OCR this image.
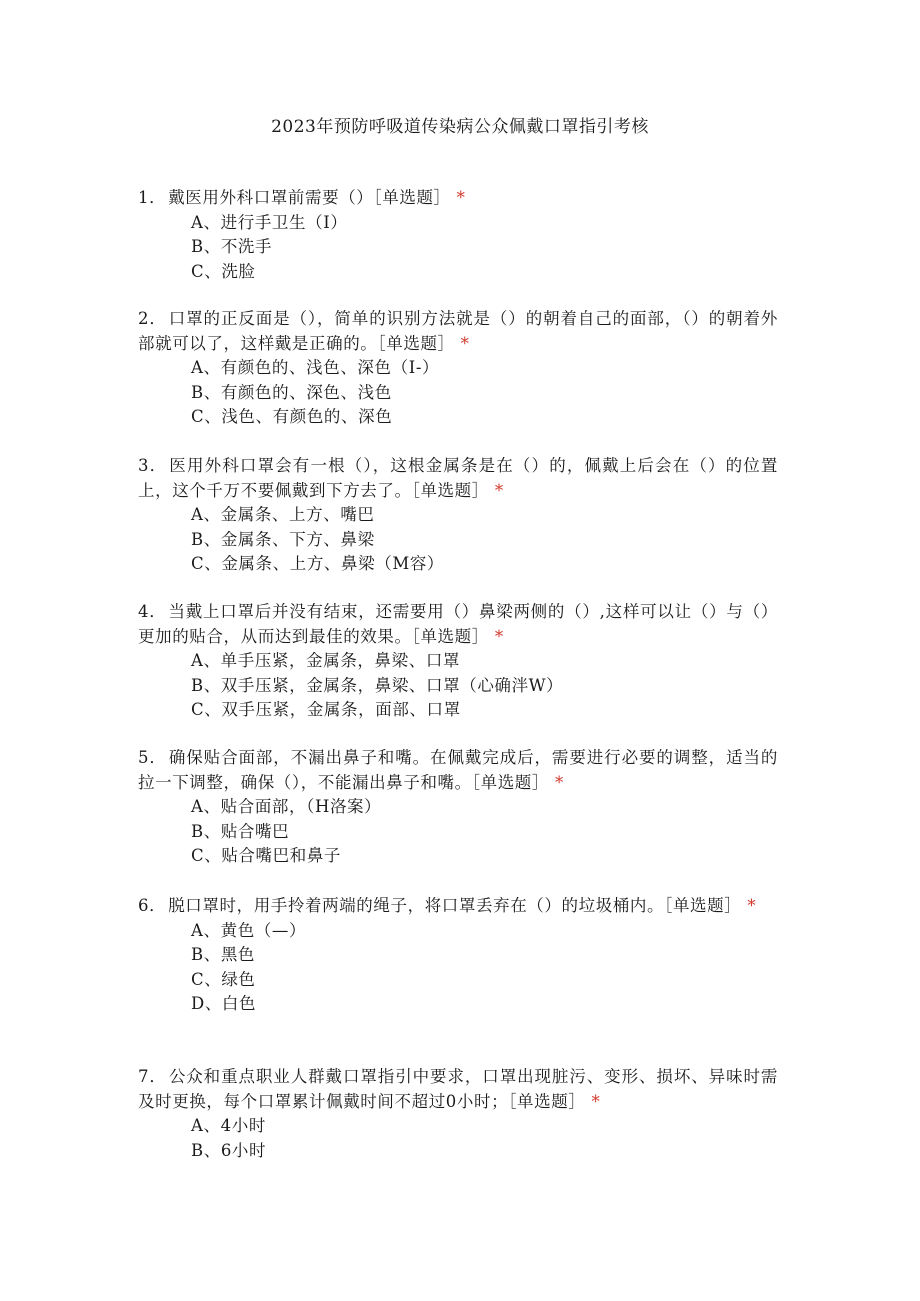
2023年预防呼吸道传染病公众佩戴口罩指引考核

1． 戴医用外科口罩前需要（）［单选题］ *

A、进行手卫生（I）
B、不洗手
C、洗脸

2． 口罩的正反面是（），简单的识别方法就是（）的朝着自己的面部，（）的朝着外部就可以了，这样戴是正确的。［单选题］ *

A、有颜色的、浅色、深色（I-）
B、有颜色的、深色、浅色
C、浅色、有颜色的、深色

3． 医用外科口罩会有一根（），这根金属条是在（）的，佩戴上后会在（）的位置上，这个千万不要佩戴到下方去了。［单选题］ *

A、金属条、上方、嘴巴
B、金属条、下方、鼻梁
C、金属条、上方、鼻梁（M容）

4． 当戴上口罩后并没有结束，还需要用（）鼻梁两侧的（）,这样可以让（）与（）更加的贴合，从而达到最佳的效果。［单选题］ *

A、单手压紧，金属条，鼻梁、口罩
B、双手压紧，金属条，鼻梁、口罩（心确泮W）
C、双手压紧，金属条，面部、口罩

5． 确保贴合面部，不漏出鼻子和嘴。在佩戴完成后，需要进行必要的调整，适当的拉一下调整，确保（），不能漏出鼻子和嘴。［单选题］ *

A、贴合面部，（H洛案）
B、贴合嘴巴
C、贴合嘴巴和鼻子

6． 脱口罩时，用手拎着两端的绳子，将口罩丢弃在（）的垃圾桶内。［单选题］ *

A、黄色（—）
B、黑色
C、绿色
D、白色

7． 公众和重点职业人群戴口罩指引中要求，口罩出现脏污、变形、损坏、异味时需及时更换，每个口罩累计佩戴时间不超过0小时；［单选题］ *

A、4小时
B、6小时
